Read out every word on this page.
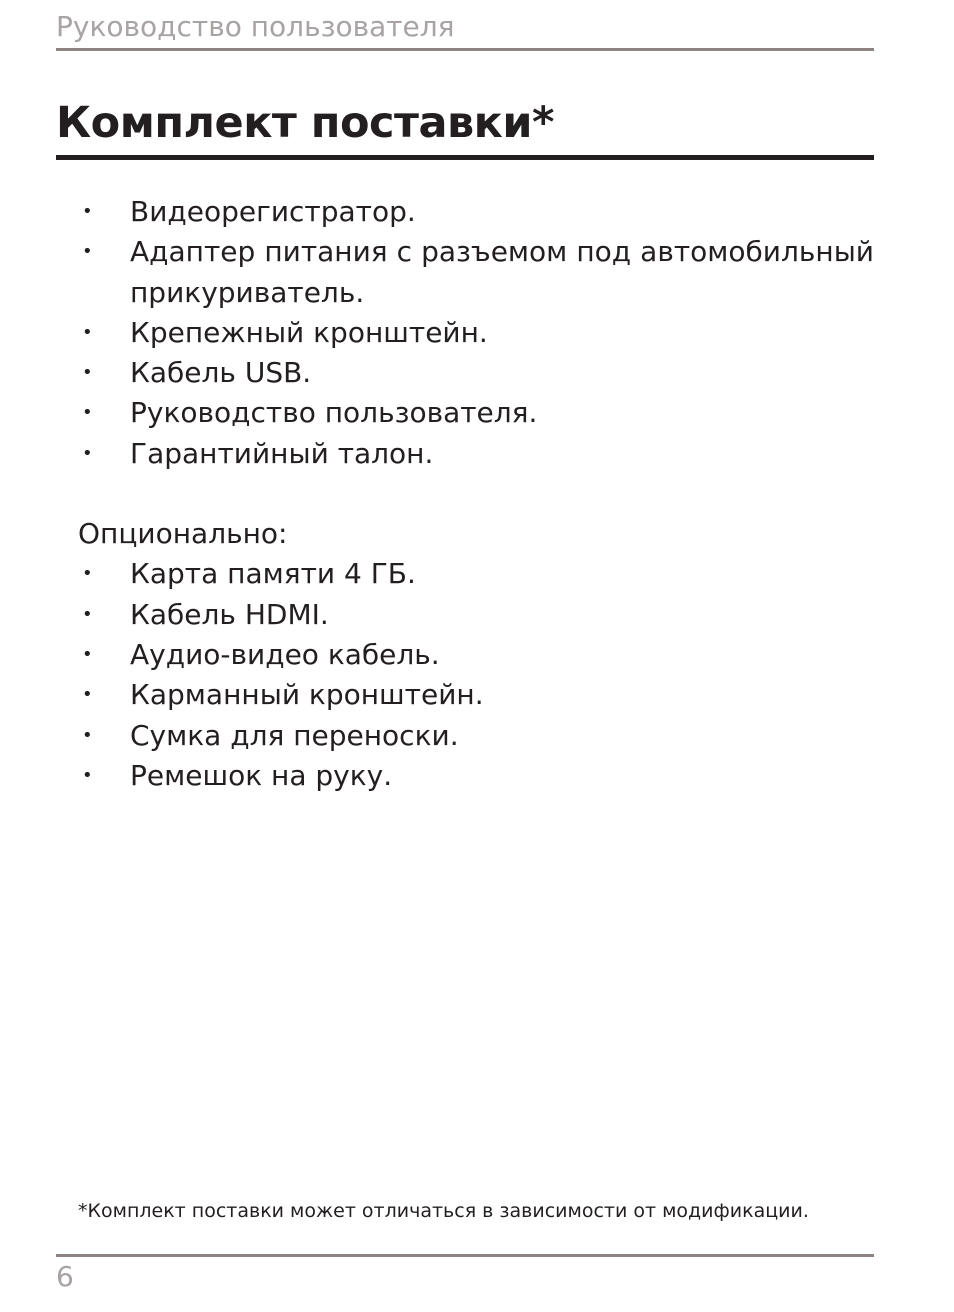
Руководство пользователя
Комплект поставки*
• Видеорегистратор.
• Адаптер питания с разъемом под автомобильный прикуриватель.
• Крепежный кронштейн.
• Кабель USB.
• Руководство пользователя.
• Гарантийный талон.
Опционально:
• Карта памяти 4 ГБ.
• Кабель HDMI.
• Аудио-видео кабель.
• Карманный кронштейн.
• Сумка для переноски.
• Ремешок на руку.
*Комплект поставки может отличаться в зависимости от модификации.
6
